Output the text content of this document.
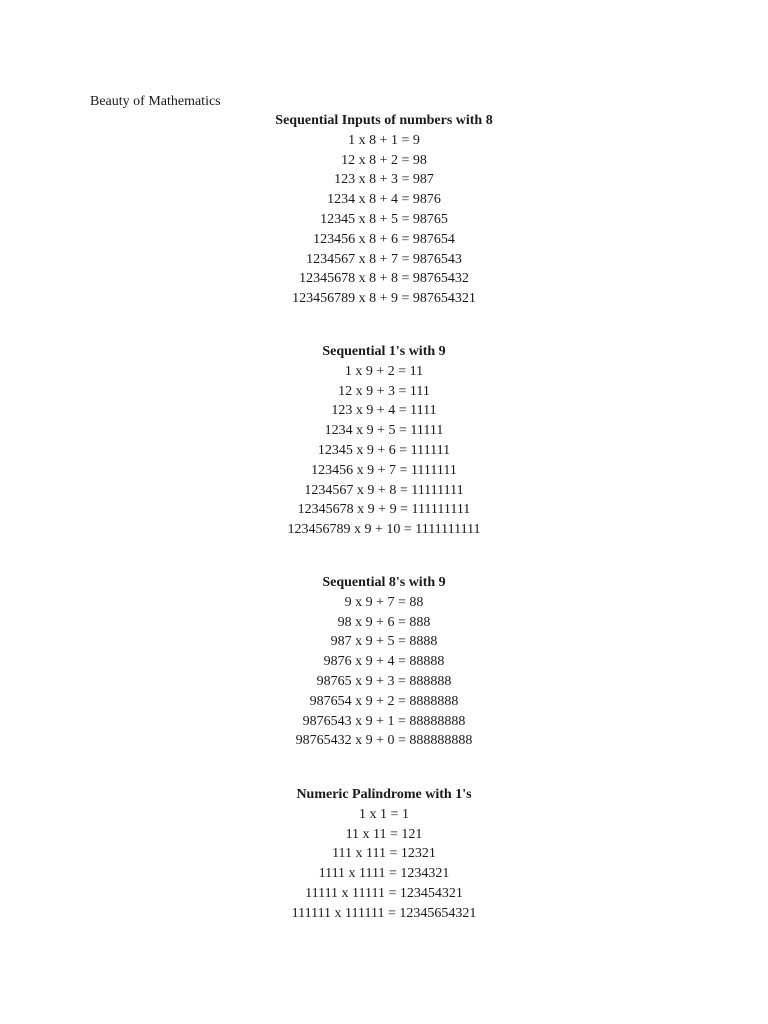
Beauty of Mathematics
Sequential Inputs of numbers with 8
1 x 8 + 1 = 9
12 x 8 + 2 = 98
123 x 8 + 3 = 987
1234 x 8 + 4 = 9876
12345 x 8 + 5 = 98765
123456 x 8 + 6 = 987654
1234567 x 8 + 7 = 9876543
12345678 x 8 + 8 = 98765432
123456789 x 8 + 9 = 987654321
Sequential 1's with 9
1 x 9 + 2 = 11
12 x 9 + 3 = 111
123 x 9 + 4 = 1111
1234 x 9 + 5 = 11111
12345 x 9 + 6 = 111111
123456 x 9 + 7 = 1111111
1234567 x 9 + 8 = 11111111
12345678 x 9 + 9 = 111111111
123456789 x 9 + 10 = 1111111111
Sequential 8's with 9
9 x 9 + 7 = 88
98 x 9 + 6 = 888
987 x 9 + 5 = 8888
9876 x 9 + 4 = 88888
98765 x 9 + 3 = 888888
987654 x 9 + 2 = 8888888
9876543 x 9 + 1 = 88888888
98765432 x 9 + 0 = 888888888
Numeric Palindrome with 1's
1 x 1 = 1
11 x 11 = 121
111 x 111 = 12321
1111 x 1111 = 1234321
11111 x 11111 = 123454321
111111 x 111111 = 12345654321
